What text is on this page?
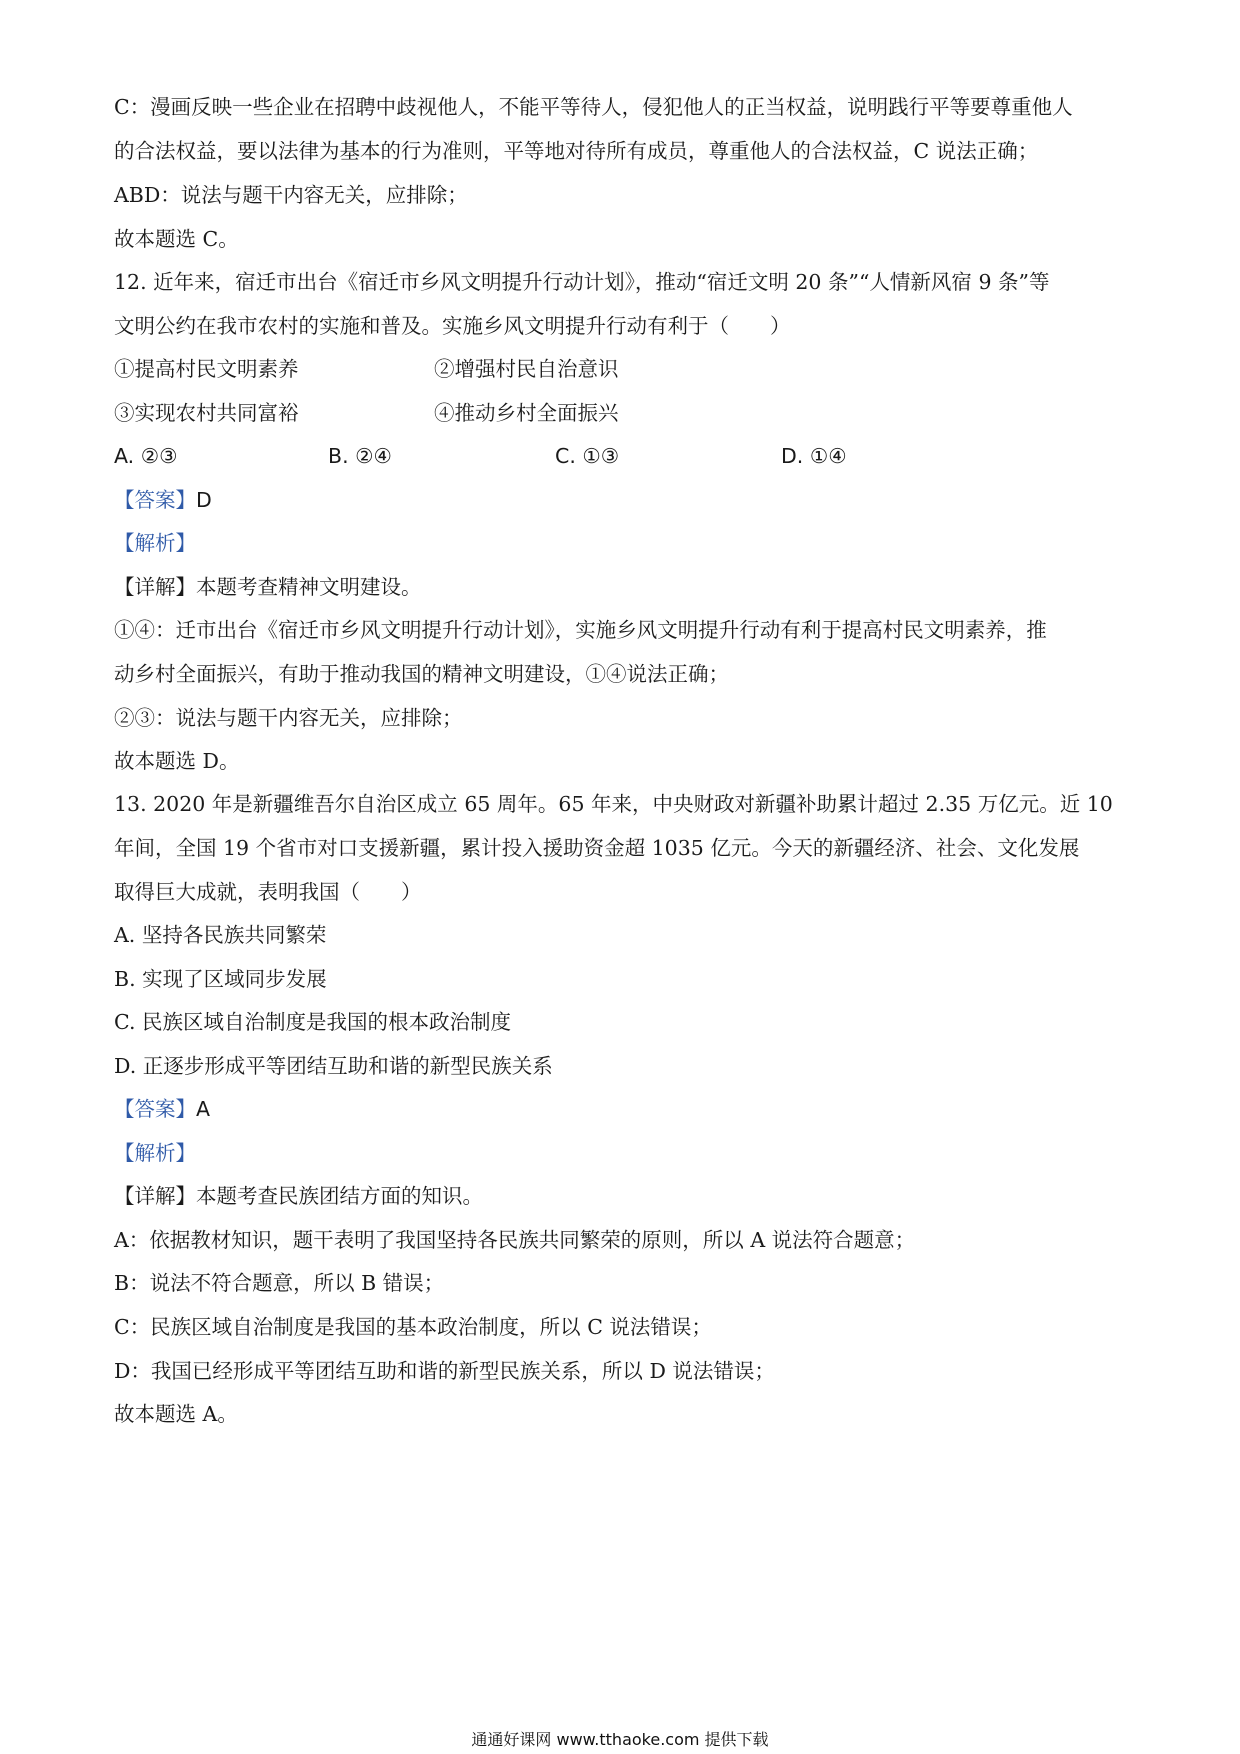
C：漫画反映一些企业在招聘中歧视他人，不能平等待人，侵犯他人的正当权益，说明践行平等要尊重他人
的合法权益，要以法律为基本的行为准则，平等地对待所有成员，尊重他人的合法权益，C 说法正确；
ABD：说法与题干内容无关，应排除；
故本题选 C。
12. 近年来，宿迁市出台《宿迁市乡风文明提升行动计划》，推动“宿迁文明 20 条”“人情新风宿 9 条”等
文明公约在我市农村的实施和普及。实施乡风文明提升行动有利于（　　）
①提高村民文明素养	②增强村民自治意识
③实现农村共同富裕	④推动乡村全面振兴
A. ②③	B. ②④	C. ①③	D. ①④
【答案】D
【解析】
【详解】本题考查精神文明建设。
①④：迁市出台《宿迁市乡风文明提升行动计划》，实施乡风文明提升行动有利于提高村民文明素养，推
动乡村全面振兴，有助于推动我国的精神文明建设，①④说法正确；
②③：说法与题干内容无关，应排除；
故本题选 D。
13. 2020 年是新疆维吾尔自治区成立 65 周年。65 年来，中央财政对新疆补助累计超过 2.35 万亿元。近 10
年间，全国 19 个省市对口支援新疆，累计投入援助资金超 1035 亿元。今天的新疆经济、社会、文化发展
取得巨大成就，表明我国（　　）
A. 坚持各民族共同繁荣
B. 实现了区域同步发展
C. 民族区域自治制度是我国的根本政治制度
D. 正逐步形成平等团结互助和谐的新型民族关系
【答案】A
【解析】
【详解】本题考查民族团结方面的知识。
A：依据教材知识，题干表明了我国坚持各民族共同繁荣的原则，所以 A 说法符合题意；
B：说法不符合题意，所以 B 错误；
C：民族区域自治制度是我国的基本政治制度，所以 C 说法错误；
D：我国已经形成平等团结互助和谐的新型民族关系，所以 D 说法错误；
故本题选 A。
通通好课网 www.tthaoke.com 提供下载
